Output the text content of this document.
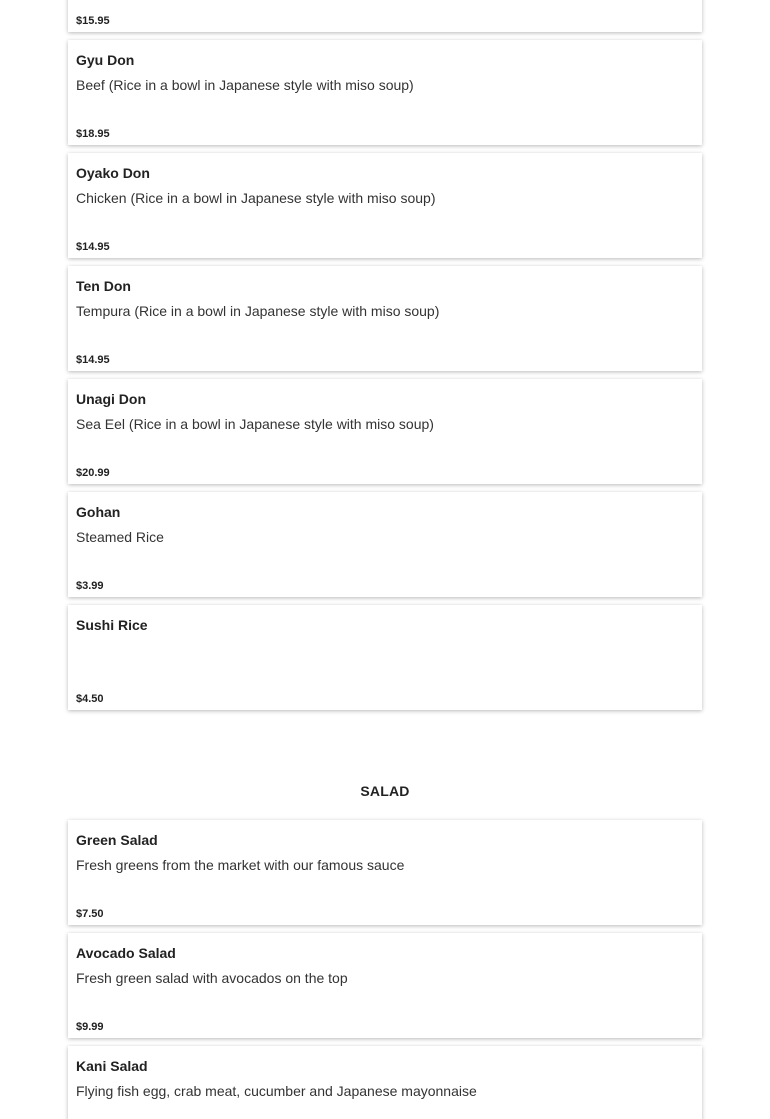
$15.95
Gyu Don
Beef (Rice in a bowl in Japanese style with miso soup)
$18.95
Oyako Don
Chicken (Rice in a bowl in Japanese style with miso soup)
$14.95
Ten Don
Tempura (Rice in a bowl in Japanese style with miso soup)
$14.95
Unagi Don
Sea Eel (Rice in a bowl in Japanese style with miso soup)
$20.99
Gohan
Steamed Rice
$3.99
Sushi Rice
$4.50
SALAD
Green Salad
Fresh greens from the market with our famous sauce
$7.50
Avocado Salad
Fresh green salad with avocados on the top
$9.99
Kani Salad
Flying fish egg, crab meat, cucumber and Japanese mayonnaise
